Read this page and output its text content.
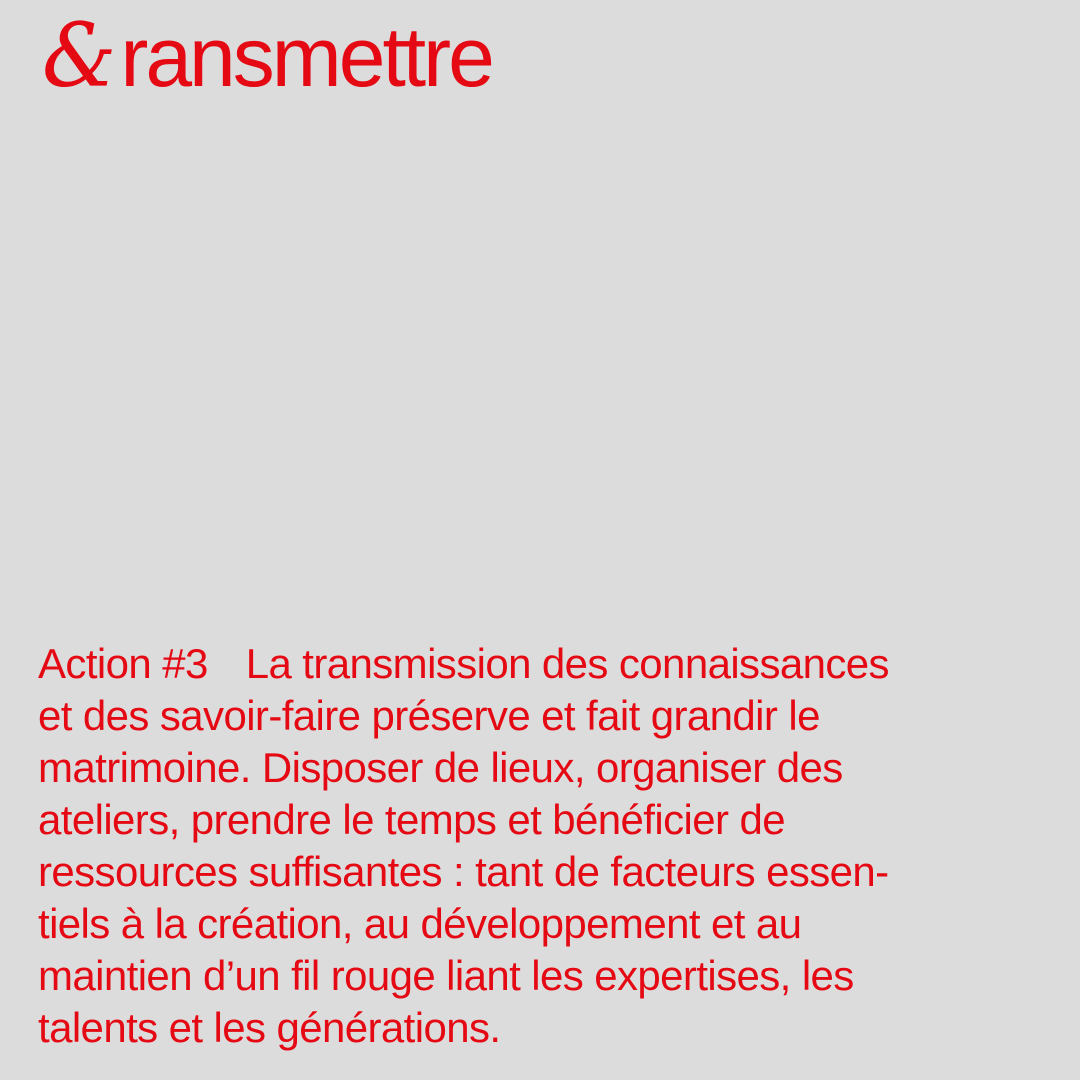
& ransmettre
Action #3 La transmission des connaissances
et des savoir-faire préserve et fait grandir le
matrimoine. Disposer de lieux, organiser des
ateliers, prendre le temps et bénéficier de
ressources suffisantes : tant de facteurs essen-
tiels à la création, au développement et au
maintien d’un fil rouge liant les expertises, les
talents et les générations.
